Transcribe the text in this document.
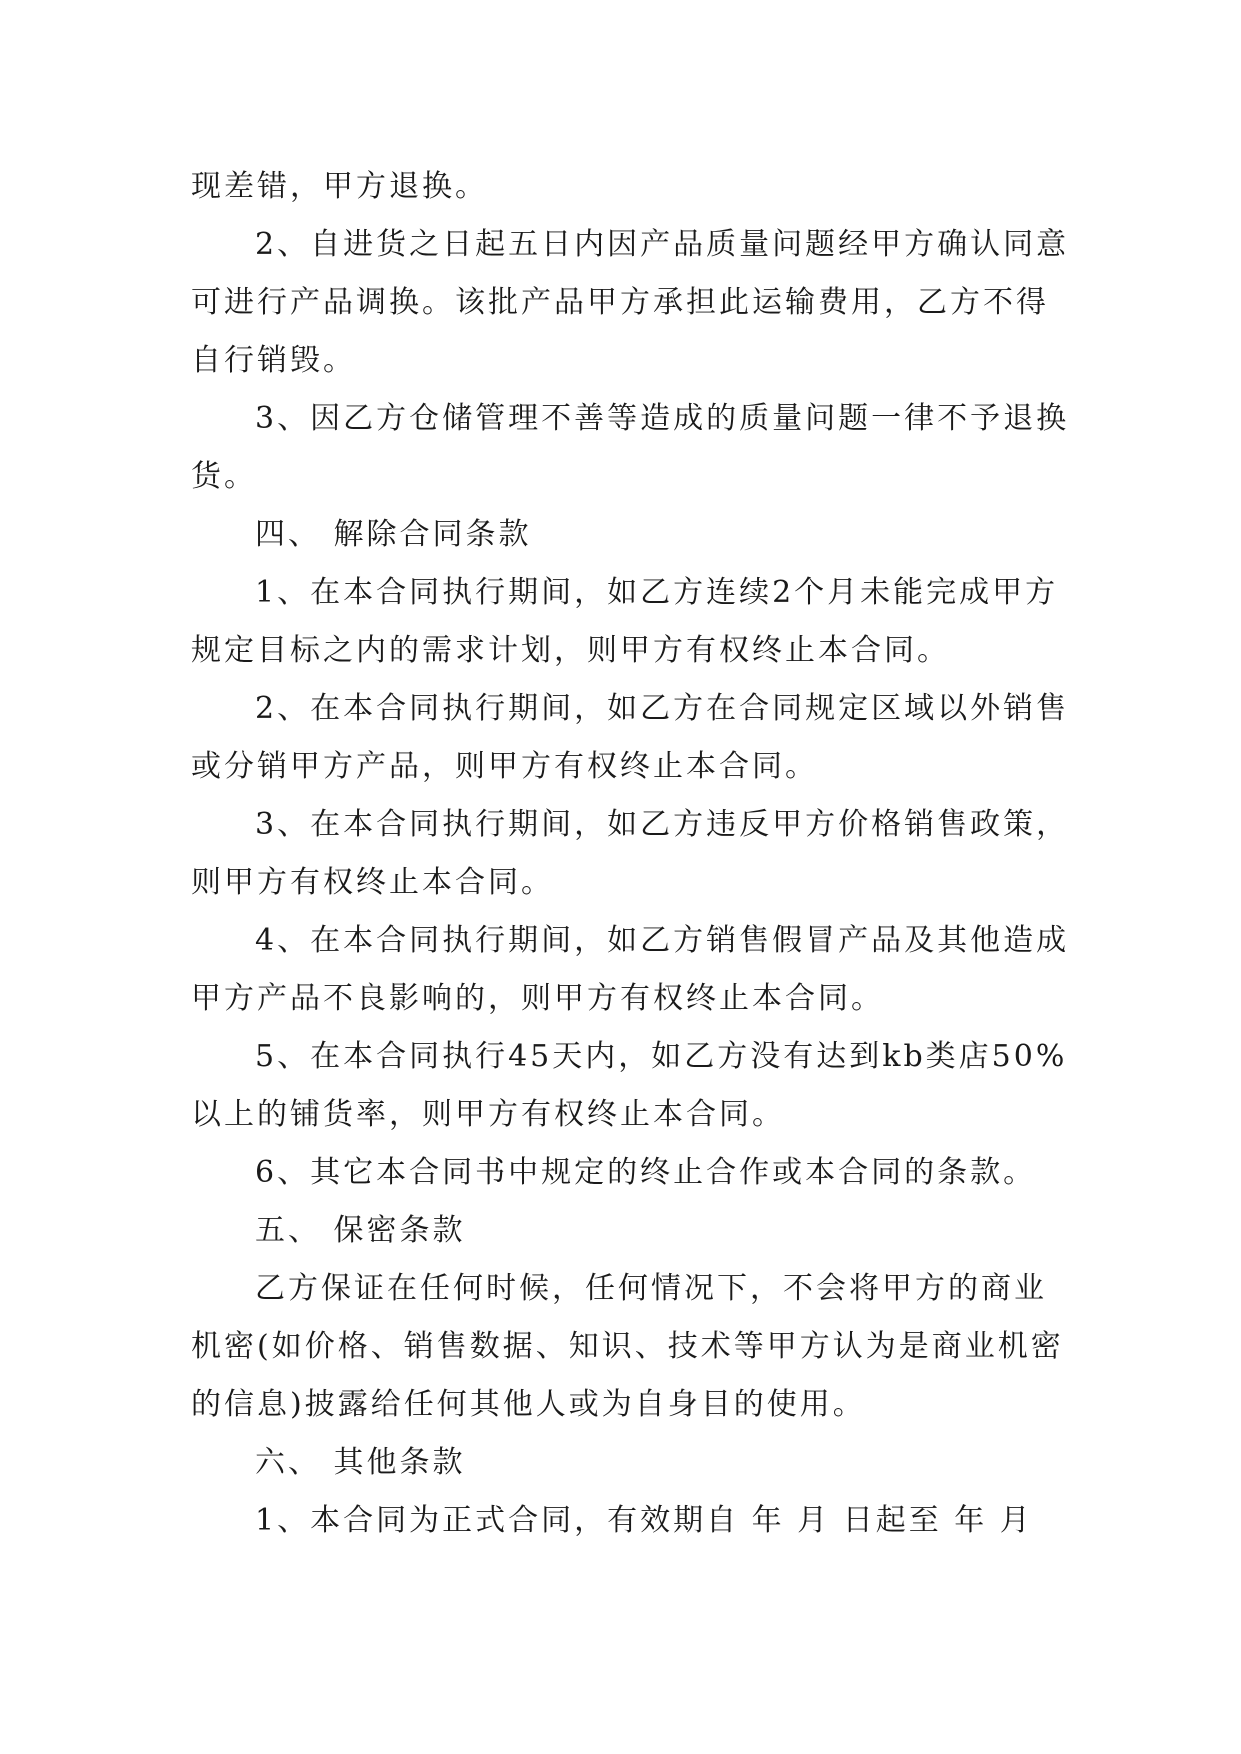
现差错，甲方退换。

2、自进货之日起五日内因产品质量问题经甲方确认同意可进行产品调换。该批产品甲方承担此运输费用，乙方不得自行销毁。

3、因乙方仓储管理不善等造成的质量问题一律不予退换货。

四、 解除合同条款

1、在本合同执行期间，如乙方连续2个月未能完成甲方规定目标之内的需求计划，则甲方有权终止本合同。

2、在本合同执行期间，如乙方在合同规定区域以外销售或分销甲方产品，则甲方有权终止本合同。

3、在本合同执行期间，如乙方违反甲方价格销售政策，则甲方有权终止本合同。

4、在本合同执行期间，如乙方销售假冒产品及其他造成甲方产品不良影响的，则甲方有权终止本合同。

5、在本合同执行45天内，如乙方没有达到kb类店50%以上的铺货率，则甲方有权终止本合同。

6、其它本合同书中规定的终止合作或本合同的条款。

五、 保密条款

乙方保证在任何时候，任何情况下，不会将甲方的商业机密(如价格、销售数据、知识、技术等甲方认为是商业机密的信息)披露给任何其他人或为自身目的使用。

六、 其他条款

1、本合同为正式合同，有效期自 年 月 日起至 年 月
